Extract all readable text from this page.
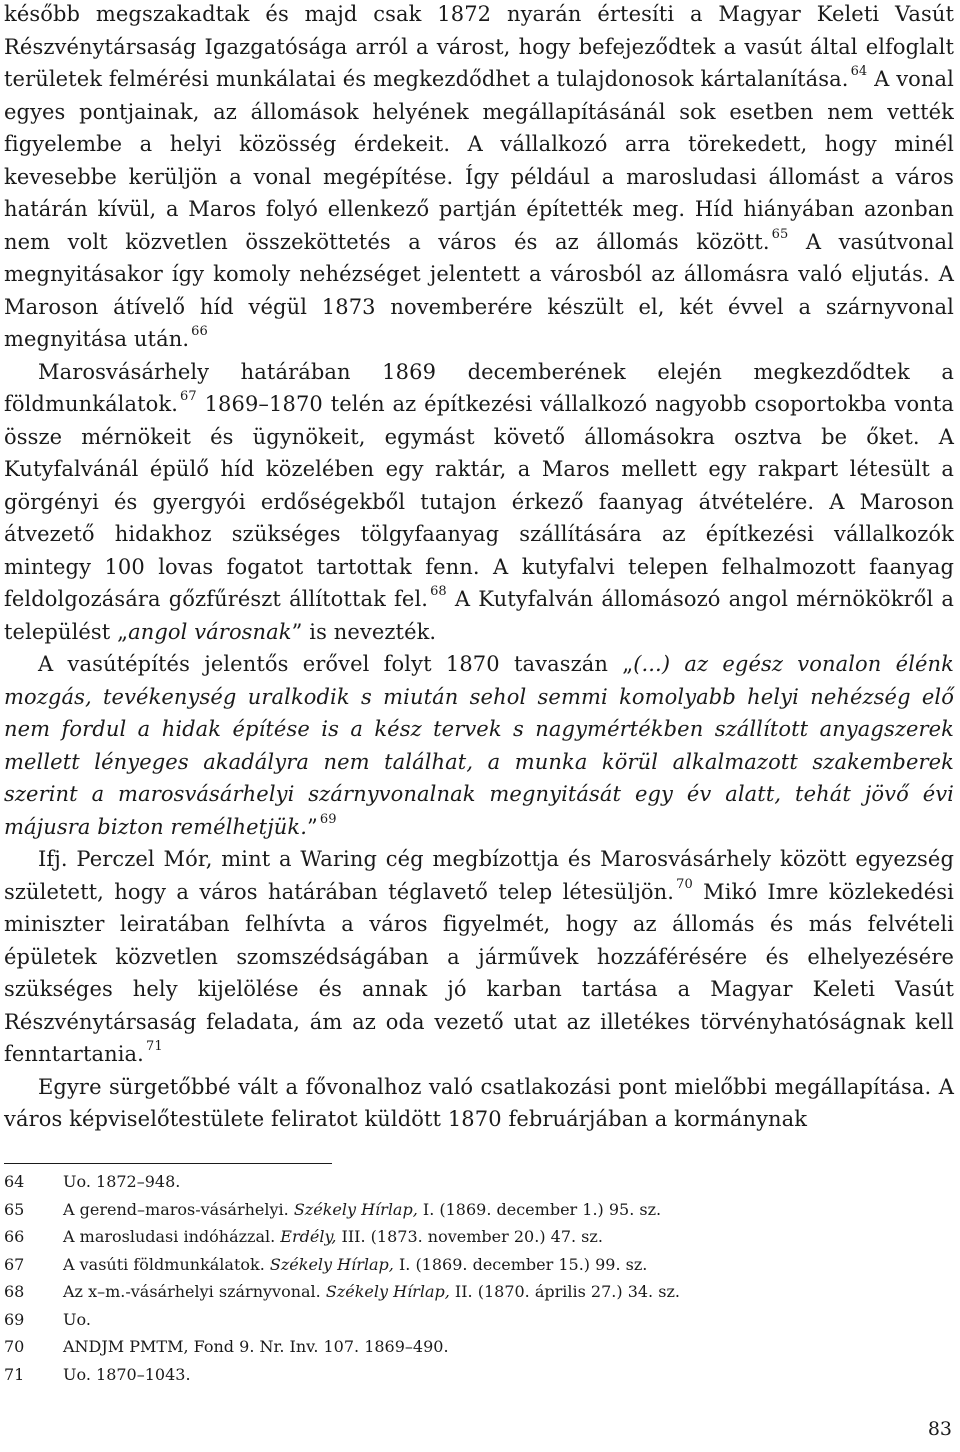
később megszakadtak és majd csak 1872 nyarán értesíti a Magyar Keleti Vasút Részvénytársaság Igazgatósága arról a várost, hogy befejeződtek a vasút által elfoglalt területek felmérési munkálatai és megkezdődhet a tulajdonosok kártalanítása. $^{64}$ A vonal egyes pontjainak, az állomások helyének megállapításánál sok esetben nem vették figyelembe a helyi közösség érdekeit. A vállalkozó arra törekedett, hogy minél kevesebbe kerüljön a vonal megépítése. Így például a marosludasi állomást a város határán kívül, a Maros folyó ellenkező partján építették meg. Híd hiányában azonban nem volt közvetlen összeköttetés a város és az állomás között. $^{65}$ A vasútvonal megnyitásakor így komoly nehézséget jelentett a városból az állomásra való eljutás. A Maroson átívelő híd végül 1873 novemberére készült el, két évvel a szárnyvonal megnyitása után. $^{66}$

Marosvásárhely határában 1869 decemberének elején megkezdődtek a földmunkálatok. $^{67}$ 1869–1870 telén az építkezési vállalkozó nagyobb csoportokba vonta össze mérnökeit és ügynökeit, egymást követő állomásokra osztva be őket. A Kutyfalvánál épülő híd közelében egy raktár, a Maros mellett egy rakpart létesült a görgényi és gyergyói erdőségekből tutajon érkező faanyag átvételére. A Maroson átvezető hidakhoz szükséges tölgyfaanyag szállítására az építkezési vállalkozók mintegy 100 lovas fogatot tartottak fenn. A kutyfalvi telepen felhalmozott faanyag feldolgozására gőzfűrészt állítottak fel. $^{68}$ A Kutyfalván állomásozó angol mérnökökről a települést „angol városnak” is nevezték.

A vasútépítés jelentős erővel folyt 1870 tavaszán „(...) az egész vonalon élénk mozgás, tevékenység uralkodik s miután sehol semmi komolyabb helyi nehézség elő nem fordul a hidak építése is a kész tervek s nagymértékben szállított anyagszerek mellett lényeges akadályra nem találhat, a munka körül alkalmazott szakemberek szerint a marosvásárhelyi szárnyvonalnak megnyitását egy év alatt, tehát jövő évi májusra bizton remélhetjük.” $^{69}$

Ifj. Perczel Mór, mint a Waring cég megbízottja és Marosvásárhely között egyezség született, hogy a város határában téglavető telep létesüljön. $^{70}$ Mikó Imre közlekedési miniszter leiratában felhívta a város figyelmét, hogy az állomás és más felvételi épületek közvetlen szomszédságában a járművek hozzáférésére és elhelyezésére szükséges hely kijelölése és annak jó karban tartása a Magyar Keleti Vasút Részvénytársaság feladata, ám az oda vezető utat az illetékes törvényhatóságnak kell fenntartania. $^{71}$

Egyre sürgetőbbé vált a fővonalhoz való csatlakozási pont mielőbbi megállapítása. A város képviselőtestülete feliratot küldött 1870 februárjában a kormánynak

64	Uo. 1872–948.
65	A gerend–maros-vásárhelyi. Székely Hírlap, I. (1869. december 1.) 95. sz.
66	A marosludasi indóházzal. Erdély, III. (1873. november 20.) 47. sz.
67	A vasúti földmunkálatok. Székely Hírlap, I. (1869. december 15.) 99. sz.
68	Az x–m.-vásárhelyi szárnyvonal. Székely Hírlap, II. (1870. április 27.) 34. sz.
69	Uo.
70	ANDJM PMTM, Fond 9. Nr. Inv. 107. 1869–490.
71	Uo. 1870–1043.
83
